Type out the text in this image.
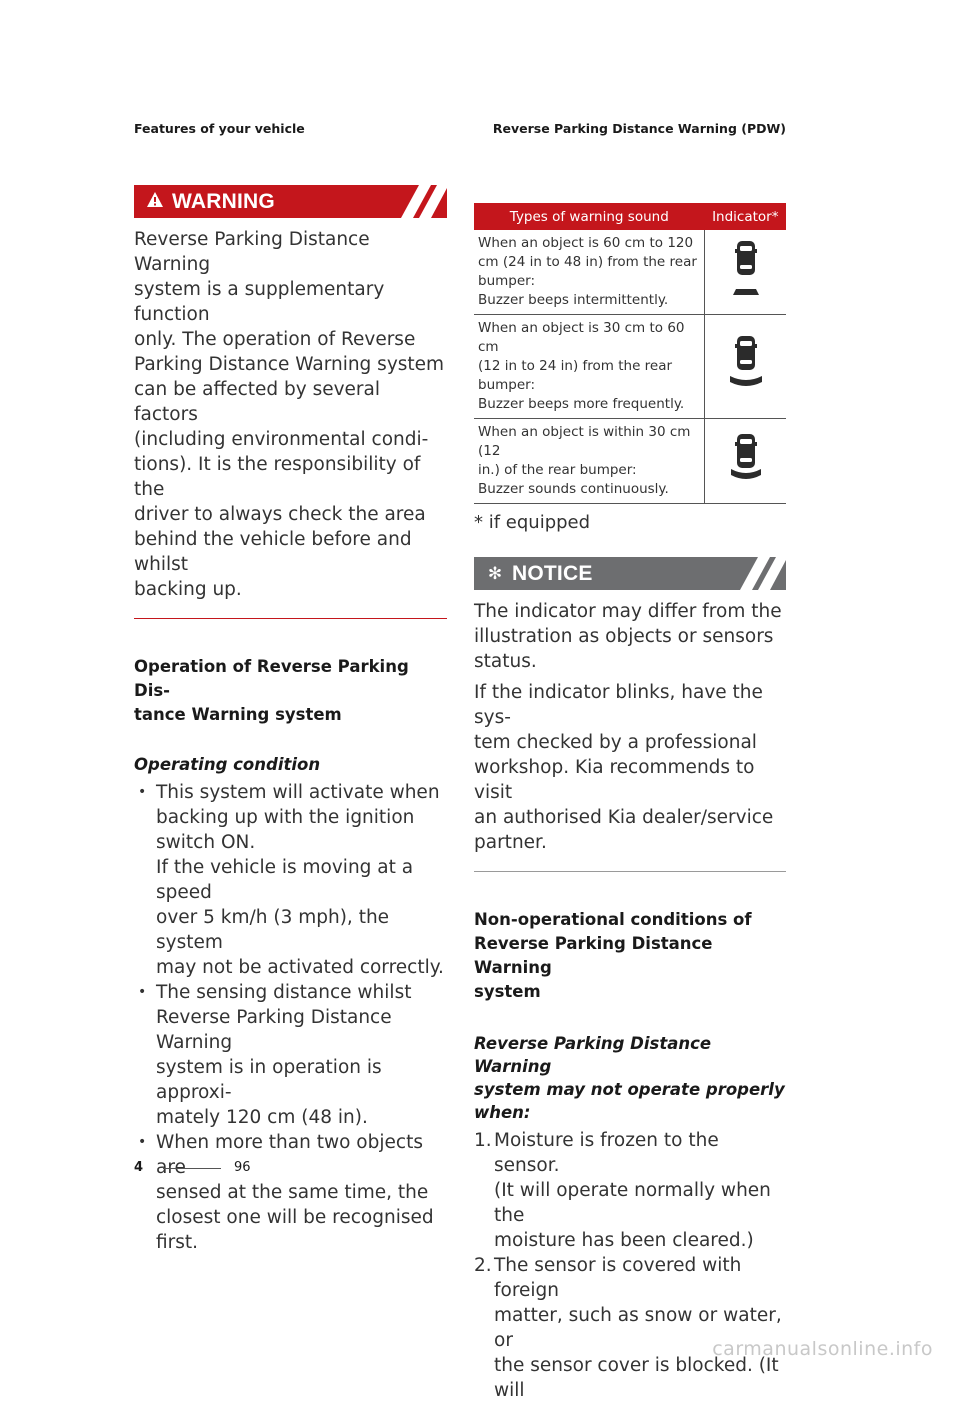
Features of your vehicle	Reverse Parking Distance Warning (PDW)
WARNING

Reverse Parking Distance Warning

system is a supplementary function

only. The operation of Reverse

Parking Distance Warning system

can be affected by several factors

(including environmental condi-

tions). It is the responsibility of the

driver to always check the area

behind the vehicle before and whilst

backing up.

Operation of Reverse Parking Dis-

tance Warning system

Operating condition

• This system will activate when
backing up with the ignition
switch ON.
If the vehicle is moving at a speed
over 5 km/h (3 mph), the system
may not be activated correctly.
• The sensing distance whilst
Reverse Parking Distance Warning
system is in operation is approxi-
mately 120 cm (48 in).
• When more than two objects are
sensed at the same time, the
closest one will be recognised
first.
Types of warning sound	Indicator*

When an object is 60 cm to 120
cm (24 in to 48 in) from the rear
bumper:
Buzzer beeps intermittently.

When an object is 30 cm to 60 cm
(12 in to 24 in) from the rear
bumper:
Buzzer beeps more frequently.

When an object is within 30 cm (12
in.) of the rear bumper:
Buzzer sounds continuously.

* if equipped
✻ NOTICE

The indicator may differ from the

illustration as objects or sensors

status.

If the indicator blinks, have the sys-

tem checked by a professional

workshop. Kia recommends to visit

an authorised Kia dealer/service

partner.

Non-operational conditions of

Reverse Parking Distance Warning

system

Reverse Parking Distance Warning

system may not operate properly

when:

1. Moisture is frozen to the sensor.
(It will operate normally when the
moisture has been cleared.)
2. The sensor is covered with foreign
matter, such as snow or water, or
the sensor cover is blocked. (It will
4	96
carmanualsonline.info
